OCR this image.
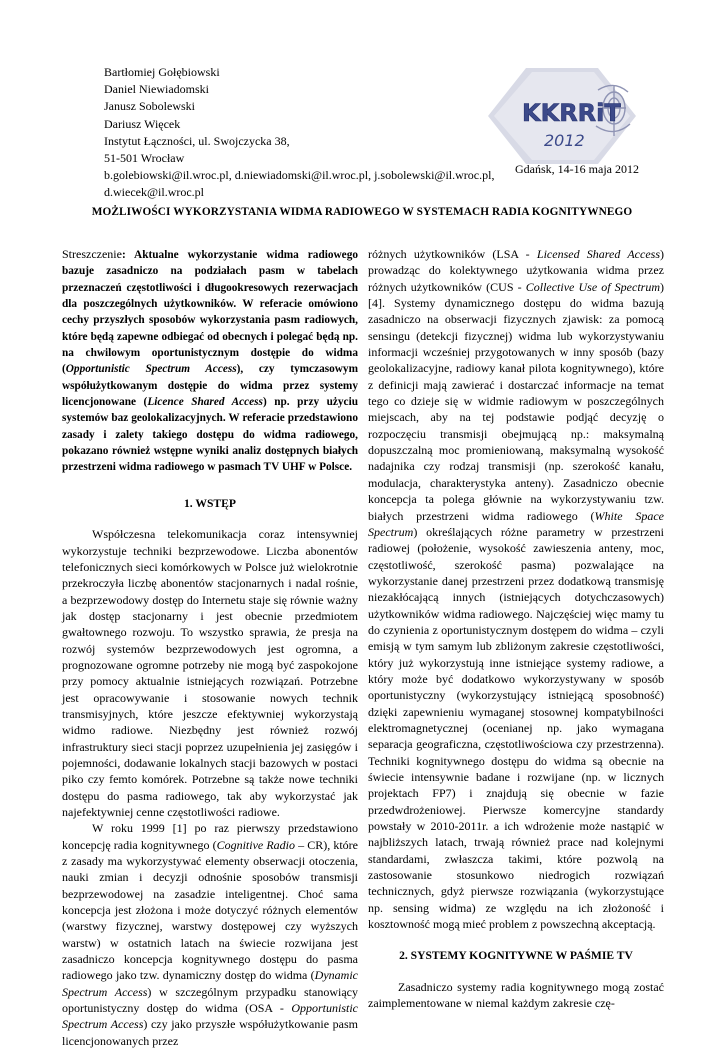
Bartłomiej Gołębiowski
Daniel Niewiadomski
Janusz Sobolewski
Dariusz Więcek
Instytut Łączności, ul. Swojczycka 38,
51-501 Wrocław
b.golebiowski@il.wroc.pl, d.niewiadomski@il.wroc.pl, j.sobolewski@il.wroc.pl,
d.wiecek@il.wroc.pl
KKRRiT
2012
Gdańsk, 14-16 maja 2012
MOŻLIWOŚCI WYKORZYSTANIA WIDMA RADIOWEGO W SYSTEMACH RADIA KOGNITYWNEGO
Streszczenie: Aktualne wykorzystanie widma radiowego bazuje zasadniczo na podziałach pasm w tabelach przeznaczeń częstotliwości i długookresowych rezerwacjach dla poszczególnych użytkowników. W referacie omówiono cechy przyszłych sposobów wykorzystania pasm radiowych, które będą zapewne odbiegać od obecnych i polegać będą np. na chwilowym oportunistycznym dostępie do widma (Opportunistic Spectrum Access), czy tymczasowym współużytkowanym dostępie do widma przez systemy licencjonowane (Licence Shared Access) np. przy użyciu systemów baz geolokalizacyjnych. W referacie przedstawiono zasady i zalety takiego dostępu do widma radiowego, pokazano również wstępne wyniki analiz dostępnych białych przestrzeni widma radiowego w pasmach TV UHF w Polsce.
1. WSTĘP

Współczesna telekomunikacja coraz intensywniej wykorzystuje techniki bezprzewodowe. Liczba abonentów telefonicznych sieci komórkowych w Polsce już wielokrotnie przekroczyła liczbę abonentów stacjonarnych i nadal rośnie, a bezprzewodowy dostęp do Internetu staje się równie ważny jak dostęp stacjonarny i jest obecnie przedmiotem gwałtownego rozwoju. To wszystko sprawia, że presja na rozwój systemów bezprzewodowych jest ogromna, a prognozowane ogromne potrzeby nie mogą być zaspokojone przy pomocy aktualnie istniejących rozwiązań. Potrzebne jest opracowywanie i stosowanie nowych technik transmisyjnych, które jeszcze efektywniej wykorzystają widmo radiowe. Niezbędny jest również rozwój infrastruktury sieci stacji poprzez uzupełnienia jej zasięgów i pojemności, dodawanie lokalnych stacji bazowych w postaci piko czy femto komórek. Potrzebne są także nowe techniki dostępu do pasma radiowego, tak aby wykorzystać jak najefektywniej cenne częstotliwości radiowe.

W roku 1999 [1] po raz pierwszy przedstawiono koncepcję radia kognitywnego (Cognitive Radio – CR), które z zasady ma wykorzystywać elementy obserwacji otoczenia, nauki zmian i decyzji odnośnie sposobów transmisji bezprzewodowej na zasadzie inteligentnej. Choć sama koncepcja jest złożona i może dotyczyć różnych elementów (warstwy fizycznej, warstwy dostępowej czy wyższych warstw) w ostatnich latach na świecie rozwijana jest zasadniczo koncepcja kognitywnego dostępu do pasma radiowego jako tzw. dynamiczny dostęp do widma (Dynamic Spectrum Access) w szczególnym przypadku stanowiący oportunistyczny dostęp do widma (OSA - Opportunistic Spectrum Access) czy jako przyszłe współużytkowanie pasm licencjonowanych przez

różnych użytkowników (LSA - Licensed Shared Access) prowadząc do kolektywnego użytkowania widma przez różnych użytkowników (CUS - Collective Use of Spectrum) [4]. Systemy dynamicznego dostępu do widma bazują zasadniczo na obserwacji fizycznych zjawisk: za pomocą sensingu (detekcji fizycznej) widma lub wykorzystywaniu informacji wcześniej przygotowanych w inny sposób (bazy geolokalizacyjne, radiowy kanał pilota kognitywnego), które z definicji mają zawierać i dostarczać informacje na temat tego co dzieje się w widmie radiowym w poszczególnych miejscach, aby na tej podstawie podjąć decyzję o rozpoczęciu transmisji obejmującą np.: maksymalną dopuszczalną moc promieniowaną, maksymalną wysokość nadajnika czy rodzaj transmisji (np. szerokość kanału, modulacja, charakterystyka anteny). Zasadniczo obecnie koncepcja ta polega głównie na wykorzystywaniu tzw. białych przestrzeni widma radiowego (White Space Spectrum) określających różne parametry w przestrzeni radiowej (położenie, wysokość zawieszenia anteny, moc, częstotliwość, szerokość pasma) pozwalające na wykorzystanie danej przestrzeni przez dodatkową transmisję niezakłócającą innych (istniejących dotychczasowych) użytkowników widma radiowego. Najczęściej więc mamy tu do czynienia z oportunistycznym dostępem do widma – czyli emisją w tym samym lub zbliżonym zakresie częstotliwości, który już wykorzystują inne istniejące systemy radiowe, a który może być dodatkowo wykorzystywany w sposób oportunistyczny (wykorzystujący istniejącą sposobność) dzięki zapewnieniu wymaganej stosownej kompatybilności elektromagnetycznej (ocenianej np. jako wymagana separacja geograficzna, częstotliwościowa czy przestrzenna). Techniki kognitywnego dostępu do widma są obecnie na świecie intensywnie badane i rozwijane (np. w licznych projektach FP7) i znajdują się obecnie w fazie przedwdrożeniowej. Pierwsze komercyjne standardy powstały w 2010-2011r. a ich wdrożenie może nastąpić w najbliższych latach, trwają również prace nad kolejnymi standardami, zwłaszcza takimi, które pozwolą na zastosowanie stosunkowo niedrogich rozwiązań technicznych, gdyż pierwsze rozwiązania (wykorzystujące np. sensing widma) ze względu na ich złożoność i kosztowność mogą mieć problem z powszechną akceptacją.

2. SYSTEMY KOGNITYWNE W PAŚMIE TV

Zasadniczo systemy radia kognitywnego mogą zostać zaimplementowane w niemal każdym zakresie czę-
